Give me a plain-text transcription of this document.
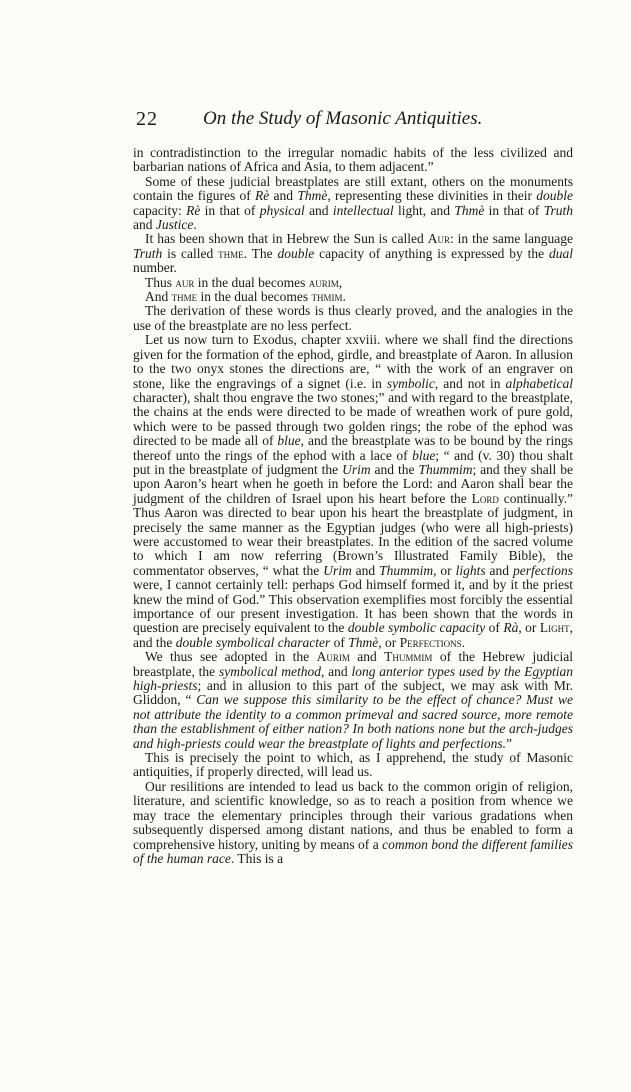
22 On the Study of Masonic Antiquities.

in contradistinction to the irregular nomadic habits of the less civilized and barbarian nations of Africa and Asia, to them adjacent.”

Some of these judicial breastplates are still extant, others on the monuments contain the figures of Rè and Thmè, representing these divinities in their double capacity: Rè in that of physical and intellectual light, and Thmè in that of Truth and Justice.

It has been shown that in Hebrew the Sun is called Aur: in the same language Truth is called thme. The double capacity of anything is expressed by the dual number.

Thus aur in the dual becomes aurim,

And thme in the dual becomes thmim.

The derivation of these words is thus clearly proved, and the analogies in the use of the breastplate are no less perfect.

Let us now turn to Exodus, chapter xxviii. where we shall find the directions given for the formation of the ephod, girdle, and breastplate of Aaron. In allusion to the two onyx stones the directions are, “ with the work of an engraver on stone, like the engravings of a signet (i.e. in symbolic, and not in alphabetical character), shalt thou engrave the two stones;” and with regard to the breastplate, the chains at the ends were directed to be made of wreathen work of pure gold, which were to be passed through two golden rings; the robe of the ephod was directed to be made all of blue, and the breastplate was to be bound by the rings thereof unto the rings of the ephod with a lace of blue; “ and (v. 30) thou shalt put in the breastplate of judgment the Urim and the Thummim; and they shall be upon Aaron’s heart when he goeth in before the Lord: and Aaron shall bear the judgment of the children of Israel upon his heart before the Lord continually.” Thus Aaron was directed to bear upon his heart the breastplate of judgment, in precisely the same manner as the Egyptian judges (who were all high-priests) were accustomed to wear their breastplates. In the edition of the sacred volume to which I am now referring (Brown’s Illustrated Family Bible), the commentator observes, “ what the Urim and Thummim, or lights and perfections were, I cannot certainly tell: perhaps God himself formed it, and by it the priest knew the mind of God.” This observation exemplifies most forcibly the essential importance of our present investigation. It has been shown that the words in question are precisely equivalent to the double symbolic capacity of Rà, or Light, and the double symbolical character of Thmè, or Perfections.

We thus see adopted in the Aurim and Thummim of the Hebrew judicial breastplate, the symbolical method, and long anterior types used by the Egyptian high-priests; and in allusion to this part of the subject, we may ask with Mr. Gliddon, “ Can we suppose this similarity to be the effect of chance? Must we not attribute the identity to a common primeval and sacred source, more remote than the establishment of either nation? In both nations none but the arch-judges and high-priests could wear the breastplate of lights and perfections.”

This is precisely the point to which, as I apprehend, the study of Masonic antiquities, if properly directed, will lead us.

Our resilitions are intended to lead us back to the common origin of religion, literature, and scientific knowledge, so as to reach a position from whence we may trace the elementary principles through their various gradations when subsequently dispersed among distant nations, and thus be enabled to form a comprehensive history, uniting by means of a common bond the different families of the human race. This is a
